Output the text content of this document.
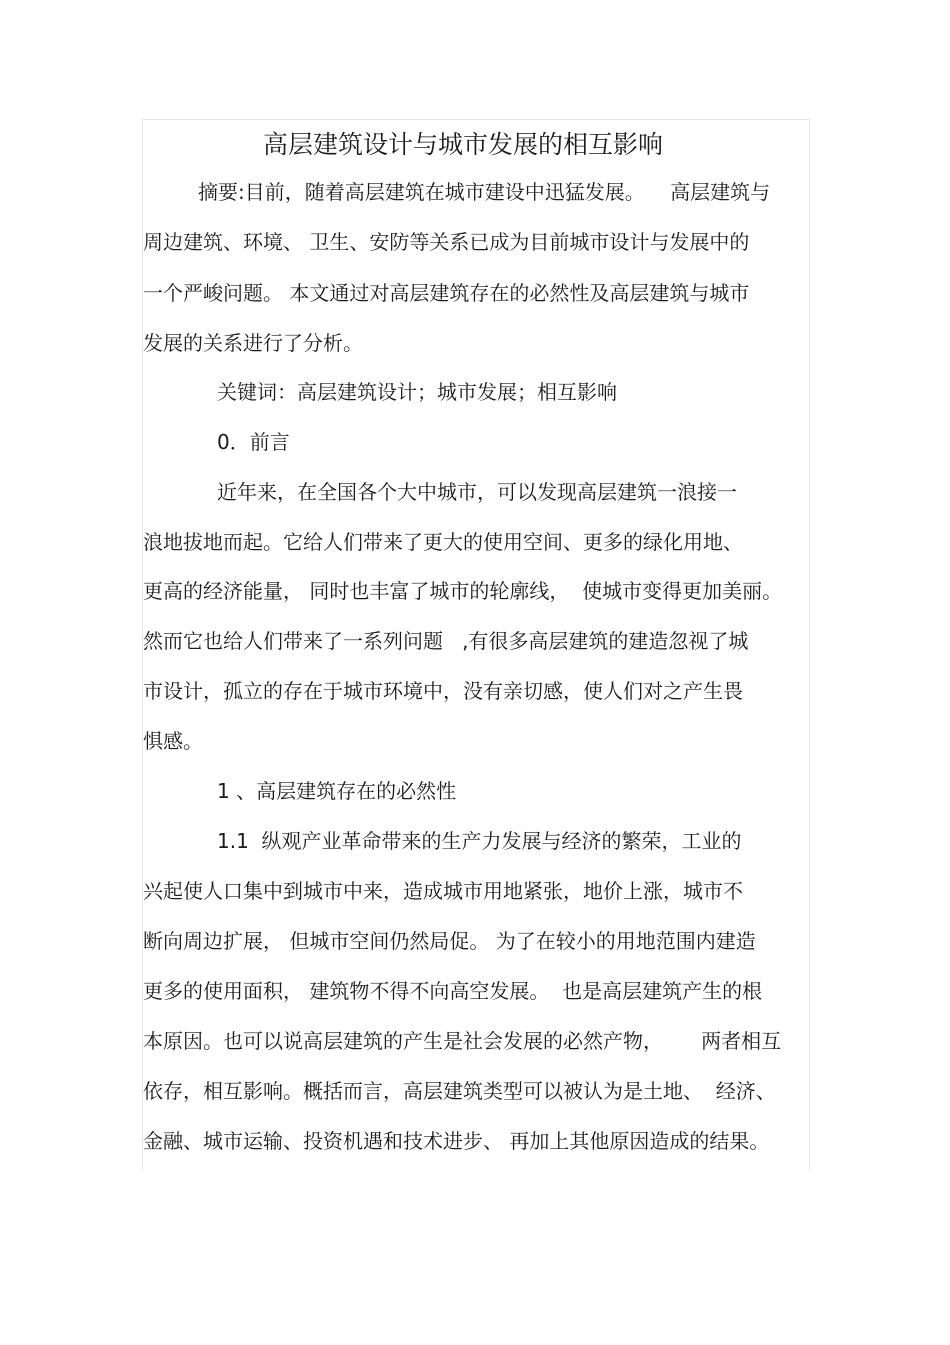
高层建筑设计与城市发展的相互影响
摘要:目前，随着高层建筑在城市建设中迅猛发展。    高层建筑与
周边建筑、环境、 卫生、安防等关系已成为目前城市设计与发展中的
一个严峻问题。 本文通过对高层建筑存在的必然性及高层建筑与城市
发展的关系进行了分析。
关键词：高层建筑设计；城市发展；相互影响
0．前言
近年来，在全国各个大中城市，可以发现高层建筑一浪接一
浪地拔地而起。它给人们带来了更大的使用空间、更多的绿化用地、
更高的经济能量， 同时也丰富了城市的轮廓线，  使城市变得更加美丽。
然而它也给人们带来了一系列问题   ,有很多高层建筑的建造忽视了城
市设计，孤立的存在于城市环境中，没有亲切感，使人们对之产生畏
惧感。
1 、高层建筑存在的必然性
1.1  纵观产业革命带来的生产力发展与经济的繁荣，工业的
兴起使人口集中到城市中来，造成城市用地紧张，地价上涨，城市不
断向周边扩展， 但城市空间仍然局促。 为了在较小的用地范围内建造
更多的使用面积， 建筑物不得不向高空发展。  也是高层建筑产生的根
本原因。也可以说高层建筑的产生是社会发展的必然产物，      两者相互
依存，相互影响。概括而言，高层建筑类型可以被认为是土地、  经济、
金融、城市运输、投资机遇和技术进步、 再加上其他原因造成的结果。
